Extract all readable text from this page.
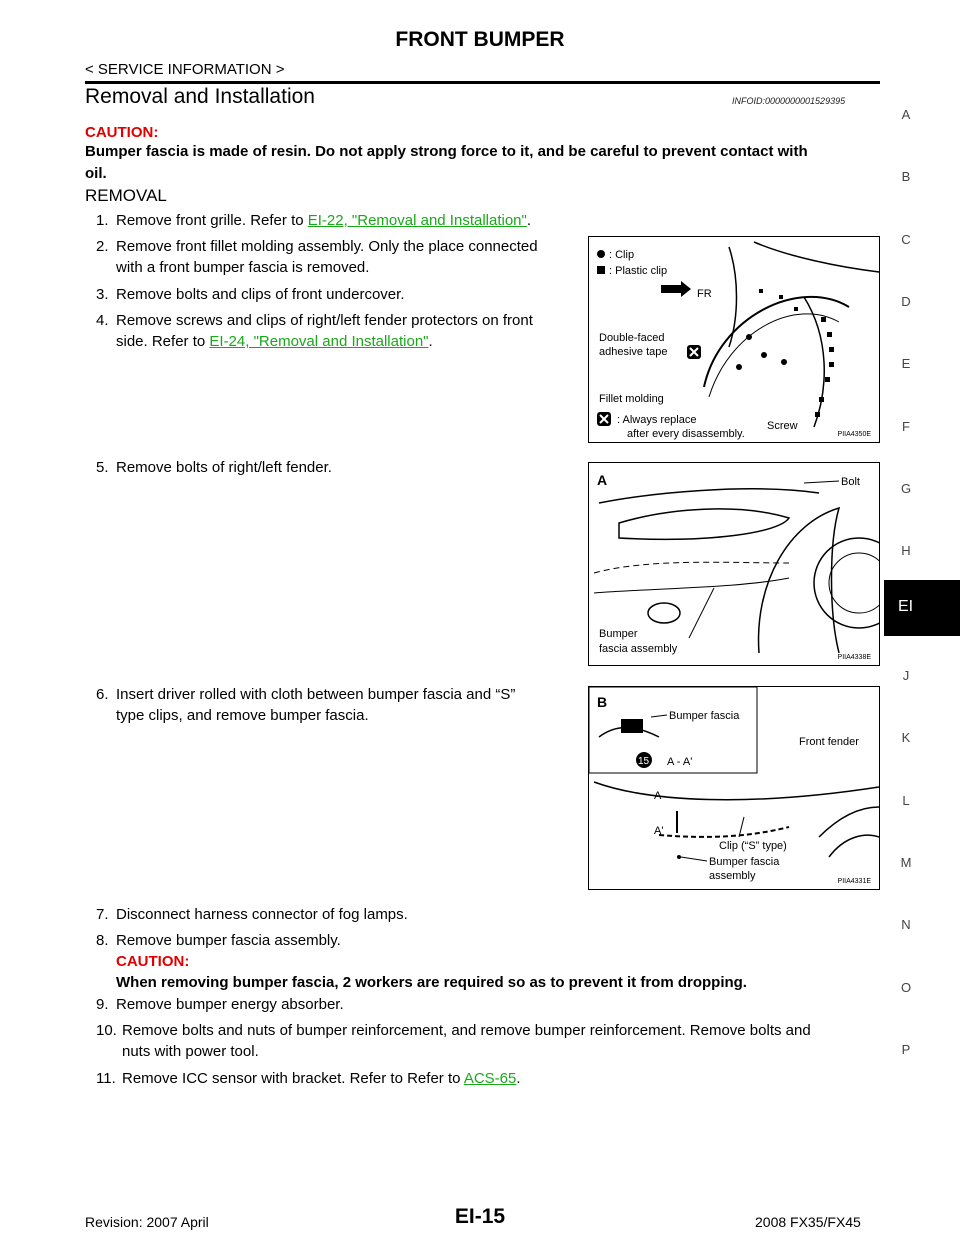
FRONT BUMPER
< SERVICE INFORMATION >
Removal and Installation	INFOID:0000000001529395
CAUTION:
Bumper fascia is made of resin. Do not apply strong force to it, and be careful to prevent contact with
oil.
REMOVAL
1. Remove front grille. Refer to EI-22, "Removal and Installation".
2. Remove front fillet molding assembly. Only the place connected
with a front bumper fascia is removed.
3. Remove bolts and clips of front undercover.
4. Remove screws and clips of right/left fender protectors on front
side. Refer to EI-24, "Removal and Installation".
5. Remove bolts of right/left fender.
6. Insert driver rolled with cloth between bumper fascia and “S”
type clips, and remove bumper fascia.
7. Disconnect harness connector of fog lamps.
8. Remove bumper fascia assembly.
CAUTION:
When removing bumper fascia, 2 workers are required so as to prevent it from dropping.
9. Remove bumper energy absorber.
10. Remove bolts and nuts of bumper reinforcement, and remove bumper reinforcement. Remove bolts and
nuts with power tool.
11. Remove ICC sensor with bracket. Refer to Refer to ACS-65.
: Clip
: Plastic clip
FR
Double-faced
adhesive tape
Fillet molding
Screw
: Always replace
after every disassembly.	PIIA4350E
A	Bolt
Bumper
fascia assembly
PIIA4338E
B
Bumper fascia
15 A - A'
Front fender
A
A'
Clip (“S” type)
Bumper fascia
assembly	PIIA4331E
A
B
C
D
E
F
G
H
EI
J
K
L
M
N
O
P
EI-15
Revision: 2007 April	2008 FX35/FX45
